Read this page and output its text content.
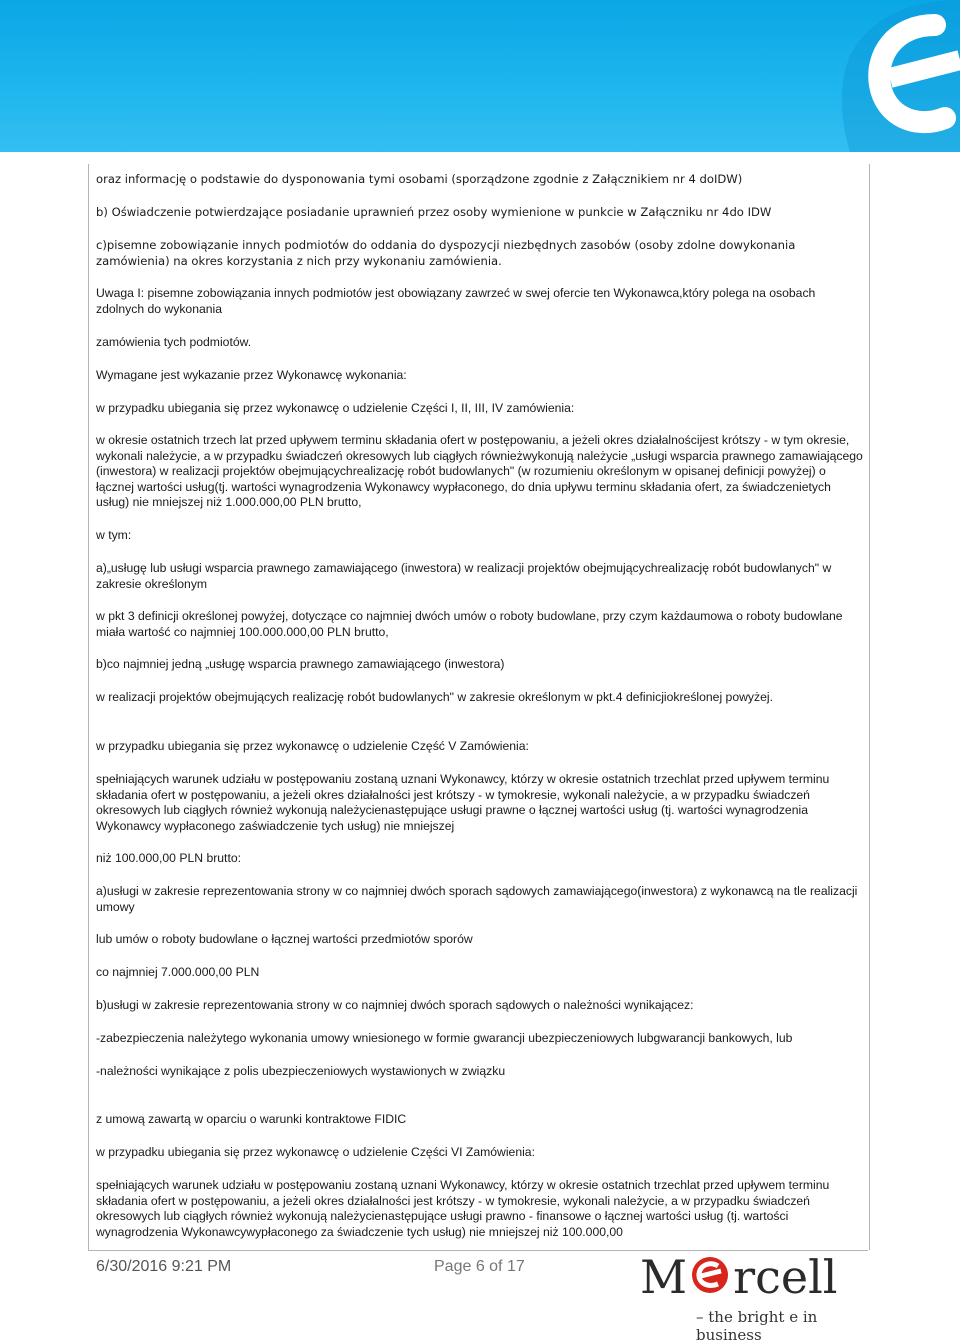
oraz informację o podstawie do dysponowania tymi osobami (sporządzone zgodnie z Załącznikiem nr 4 doIDW)

b) Oświadczenie potwierdzające posiadanie uprawnień przez osoby wymienione w punkcie w Załączniku nr 4do IDW

c)pisemne zobowiązanie innych podmiotów do oddania do dyspozycji niezbędnych zasobów (osoby zdolne dowykonania zamówienia) na okres korzystania z nich przy wykonaniu zamówienia.

Uwaga I: pisemne zobowiązania innych podmiotów jest obowiązany zawrzeć w swej ofercie ten Wykonawca,który polega na osobach zdolnych do wykonania

zamówienia tych podmiotów.

Wymagane jest wykazanie przez Wykonawcę wykonania:

w przypadku ubiegania się przez wykonawcę o udzielenie Części I, II, III, IV zamówienia:

w okresie ostatnich trzech lat przed upływem terminu składania ofert w postępowaniu, a jeżeli okres działalnościjest krótszy - w tym okresie, wykonali należycie, a w przypadku świadczeń okresowych lub ciągłych równieżwykonują należycie „usługi wsparcia prawnego zamawiającego (inwestora) w realizacji projektów obejmującychrealizację robót budowlanych" (w rozumieniu określonym w opisanej definicji powyżej) o łącznej wartości usług(tj. wartości wynagrodzenia Wykonawcy wypłaconego, do dnia upływu terminu składania ofert, za świadczenietych usług) nie mniejszej niż 1.000.000,00 PLN brutto,

w tym:

a)„usługę lub usługi wsparcia prawnego zamawiającego (inwestora) w realizacji projektów obejmującychrealizację robót budowlanych" w zakresie określonym

w pkt 3 definicji określonej powyżej, dotyczące co najmniej dwóch umów o roboty budowlane, przy czym każdaumowa o roboty budowlane miała wartość co najmniej 100.000.000,00 PLN brutto,

b)co najmniej jedną „usługę wsparcia prawnego zamawiającego (inwestora)

w realizacji projektów obejmujących realizację robót budowlanych" w zakresie określonym w pkt.4 definicjiokreślonej powyżej.

w przypadku ubiegania się przez wykonawcę o udzielenie Część V Zamówienia:

spełniających warunek udziału w postępowaniu zostaną uznani Wykonawcy, którzy w okresie ostatnich trzechlat przed upływem terminu składania ofert w postępowaniu, a jeżeli okres działalności jest krótszy - w tymokresie, wykonali należycie, a w przypadku świadczeń okresowych lub ciągłych również wykonują należycienastępujące usługi prawne o łącznej wartości usług (tj. wartości wynagrodzenia Wykonawcy wypłaconego zaświadczenie tych usług) nie mniejszej

niż 100.000,00 PLN brutto:

a)usługi w zakresie reprezentowania strony w co najmniej dwóch sporach sądowych zamawiającego(inwestora) z wykonawcą na tle realizacji umowy

lub umów o roboty budowlane o łącznej wartości przedmiotów sporów

co najmniej 7.000.000,00 PLN

b)usługi w zakresie reprezentowania strony w co najmniej dwóch sporach sądowych o należności wynikającez:

-zabezpieczenia należytego wykonania umowy wniesionego w formie gwarancji ubezpieczeniowych lubgwarancji bankowych, lub

-należności wynikające z polis ubezpieczeniowych wystawionych w związku

z umową zawartą w oparciu o warunki kontraktowe FIDIC

w przypadku ubiegania się przez wykonawcę o udzielenie Części VI Zamówienia:

spełniających warunek udziału w postępowaniu zostaną uznani Wykonawcy, którzy w okresie ostatnich trzechlat przed upływem terminu składania ofert w postępowaniu, a jeżeli okres działalności jest krótszy - w tymokresie, wykonali należycie, a w przypadku świadczeń okresowych lub ciągłych również wykonują należycienastępujące usługi prawno - finansowe o łącznej wartości usług (tj. wartości wynagrodzenia Wykonawcywypłaconego za świadczenie tych usług) nie mniejszej niż 100.000,00

6/30/2016 9:21 PM	Page 6 of 17	M rcell
– the bright e in business
